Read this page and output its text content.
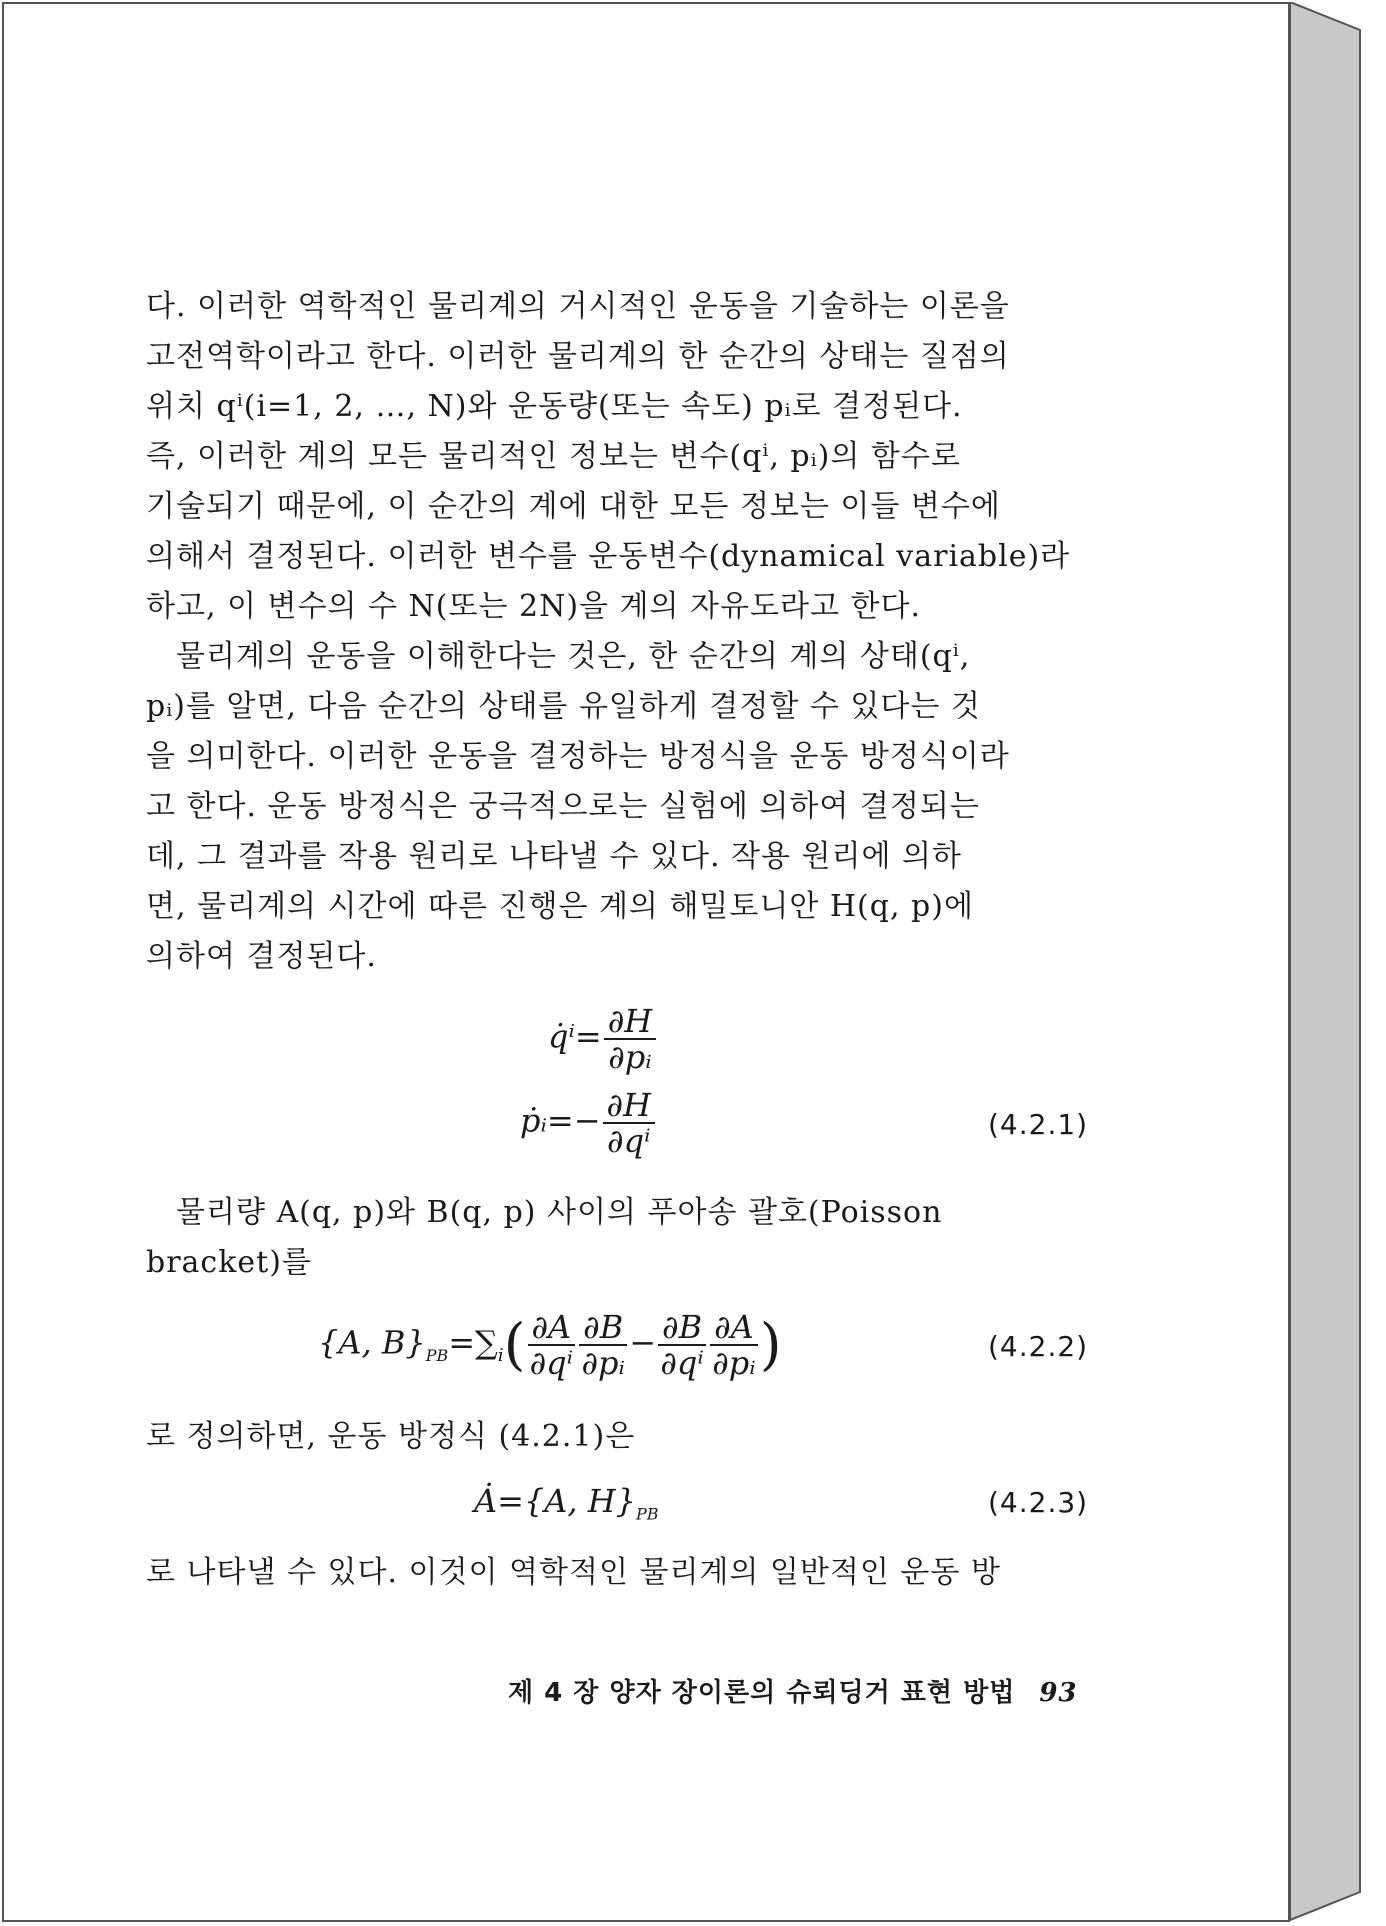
다. 이러한 역학적인 물리계의 거시적인 운동을 기술하는 이론을
고전역학이라고 한다. 이러한 물리계의 한 순간의 상태는 질점의
위치 qⁱ(i=1, 2, …, N)와 운동량(또는 속도) pᵢ로 결정된다.
즉, 이러한 계의 모든 물리적인 정보는 변수(qⁱ, pᵢ)의 함수로
기술되기 때문에, 이 순간의 계에 대한 모든 정보는 이들 변수에
의해서 결정된다. 이러한 변수를 운동변수(dynamical variable)라
하고, 이 변수의 수 N(또는 2N)을 계의 자유도라고 한다.
물리계의 운동을 이해한다는 것은, 한 순간의 계의 상태(qⁱ,
pᵢ)를 알면, 다음 순간의 상태를 유일하게 결정할 수 있다는 것
을 의미한다. 이러한 운동을 결정하는 방정식을 운동 방정식이라
고 한다. 운동 방정식은 궁극적으로는 실험에 의하여 결정되는
데, 그 결과를 작용 원리로 나타낼 수 있다. 작용 원리에 의하
면, 물리계의 시간에 따른 진행은 계의 해밀토니안 H(q, p)에
의하여 결정된다.
q̇ⁱ= $\frac{\partial H}{\text{∂pᵢ}}$
ṗᵢ=− $\frac{\partial H}{\text{∂qⁱ}}$	(4.2.1)
물리량 A(q, p)와 B(q, p) 사이의 푸아송 괄호(Poisson
bracket)를
{A, $B\}_{PB}=\sum_i( \frac{\partial A}{\text{∂qⁱ}} \frac{\partial B}{\text{∂pᵢ}} - \frac{\partial B}{\text{∂qⁱ}} \frac{\partial A}{\text{∂pᵢ}}$ )	(4.2.2)
로 정의하면, 운동 방정식 (4.2.1)은
Ȧ={A, $H\}_{PB}$	(4.2.3)
로 나타낼 수 있다. 이것이 역학적인 물리계의 일반적인 운동 방
제 4 장 양자 장이론의 슈뢰딩거 표현 방법 93
